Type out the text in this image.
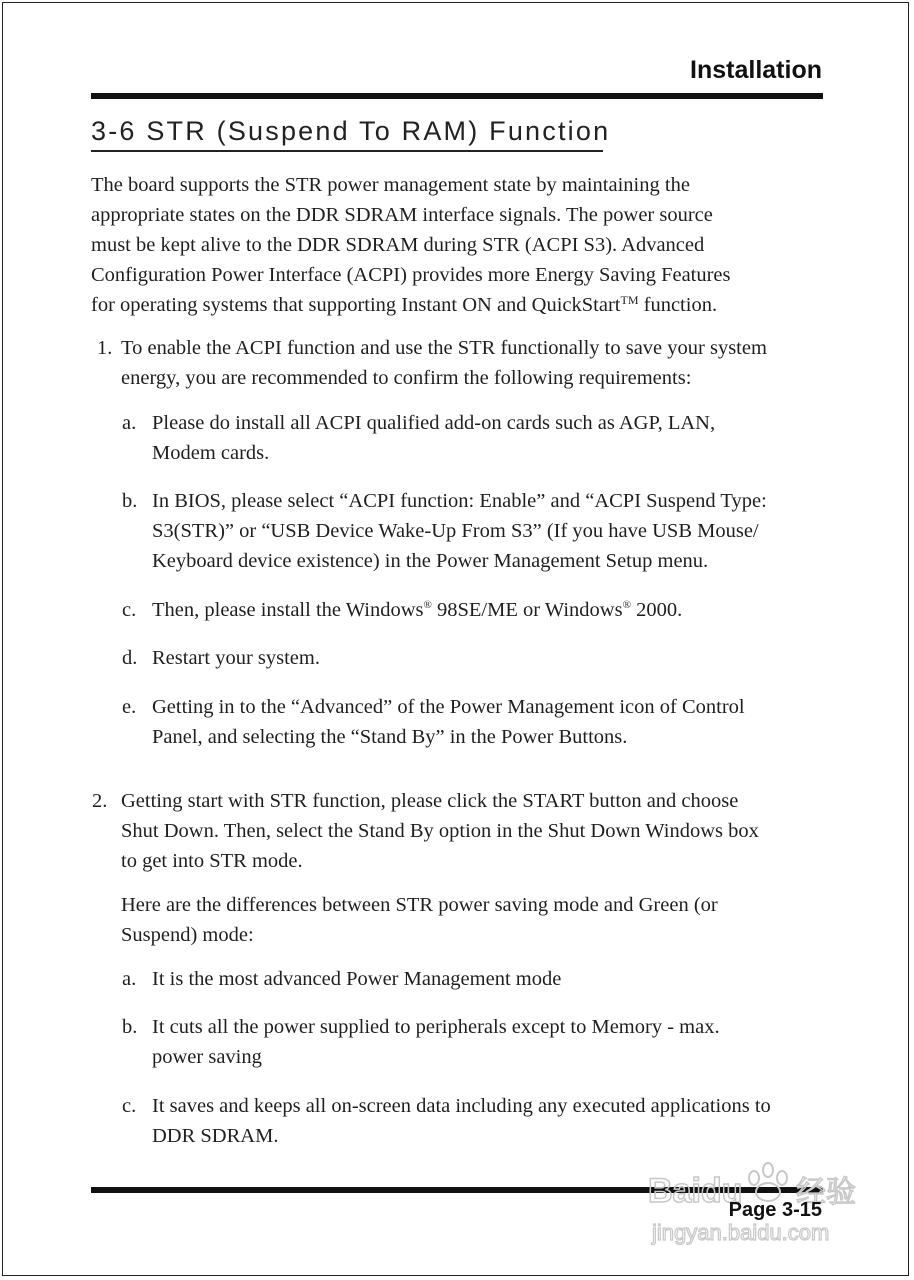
Installation
3-6 STR (Suspend To RAM) Function
The board supports the STR power management state by maintaining the
appropriate states on the DDR SDRAM interface signals. The power source
must be kept alive to the DDR SDRAM during STR (ACPI S3). Advanced
Configuration Power Interface (ACPI) provides more Energy Saving Features
for operating systems that supporting Instant ON and QuickStart™ function.
1. To enable the ACPI function and use the STR functionally to save your system
energy, you are recommended to confirm the following requirements:
a. Please do install all ACPI qualified add-on cards such as AGP, LAN,
Modem cards.
b. In BIOS, please select “ACPI function: Enable” and “ACPI Suspend Type:
S3(STR)” or “USB Device Wake-Up From S3” (If you have USB Mouse/
Keyboard device existence) in the Power Management Setup menu.
c. Then, please install the Windows® 98SE/ME or Windows® 2000.
d. Restart your system.
e. Getting in to the “Advanced” of the Power Management icon of Control
Panel, and selecting the “Stand By” in the Power Buttons.
2. Getting start with STR function, please click the START button and choose
Shut Down. Then, select the Stand By option in the Shut Down Windows box
to get into STR mode.
Here are the differences between STR power saving mode and Green (or
Suspend) mode:
a. It is the most advanced Power Management mode
b. It cuts all the power supplied to peripherals except to Memory - max.
power saving
c. It saves and keeps all on-screen data including any executed applications to
DDR SDRAM.
Baidu 经验
jingyan.baidu.com
Page 3-15
